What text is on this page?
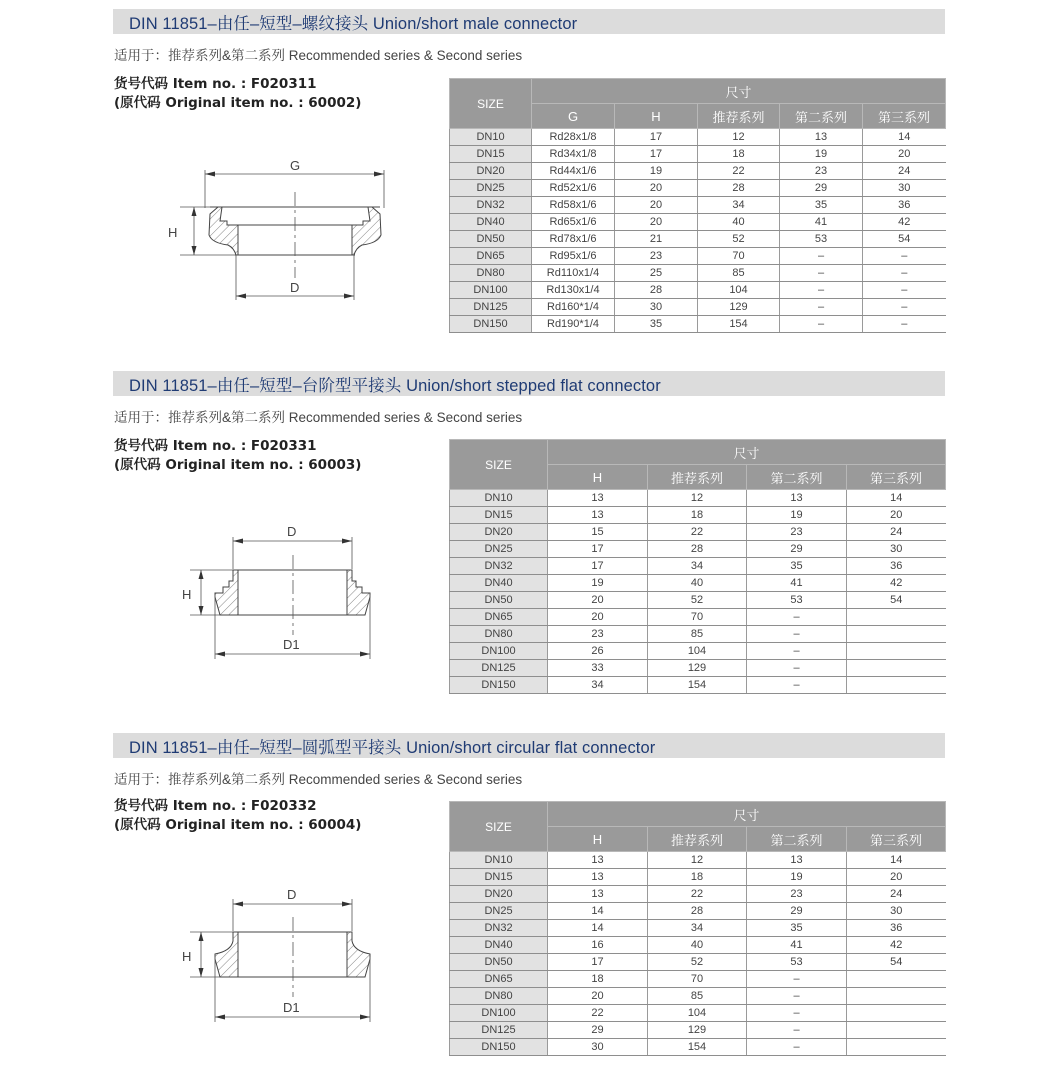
DIN 11851–由任–短型–螺纹接头 Union/short male connector
适用于：推荐系列&第二系列 Recommended series & Second series
货号代码 Item no. : F020311
(原代码 Original item no. : 60002)
G
H
D
SIZE	尺寸				
	G	H	推荐系列	第二系列	第三系列
DN10	Rd28x1/8	17	12	13	14
DN15	Rd34x1/8	17	18	19	20
DN20	Rd44x1/6	19	22	23	24
DN25	Rd52x1/6	20	28	29	30
DN32	Rd58x1/6	20	34	35	36
DN40	Rd65x1/6	20	40	41	42
DN50	Rd78x1/6	21	52	53	54
DN65	Rd95x1/6	23	70	–	–
DN80	Rd110x1/4	25	85	–	–
DN100	Rd130x1/4	28	104	–	–
DN125	Rd160*1/4	30	129	–	–
DN150	Rd190*1/4	35	154	–	–
DIN 11851–由任–短型–台阶型平接头 Union/short stepped flat connector
适用于：推荐系列&第二系列 Recommended series & Second series
货号代码 Item no. : F020331
(原代码 Original item no. : 60003)
D
H
D1
SIZE	尺寸			
	H	推荐系列	第二系列	第三系列
DN10	13	12	13	14
DN15	13	18	19	20
DN20	15	22	23	24
DN25	17	28	29	30
DN32	17	34	35	36
DN40	19	40	41	42
DN50	20	52	53	54
DN65	20	70	–	
DN80	23	85	–	
DN100	26	104	–	
DN125	33	129	–	
DN150	34	154	–	
DIN 11851–由任–短型–圆弧型平接头 Union/short circular flat connector
适用于：推荐系列&第二系列 Recommended series & Second series
货号代码 Item no. : F020332
(原代码 Original item no. : 60004)
D
H
D1
SIZE	尺寸			
	H	推荐系列	第二系列	第三系列
DN10	13	12	13	14
DN15	13	18	19	20
DN20	13	22	23	24
DN25	14	28	29	30
DN32	14	34	35	36
DN40	16	40	41	42
DN50	17	52	53	54
DN65	18	70	–	
DN80	20	85	–	
DN100	22	104	–	
DN125	29	129	–	
DN150	30	154	–	
